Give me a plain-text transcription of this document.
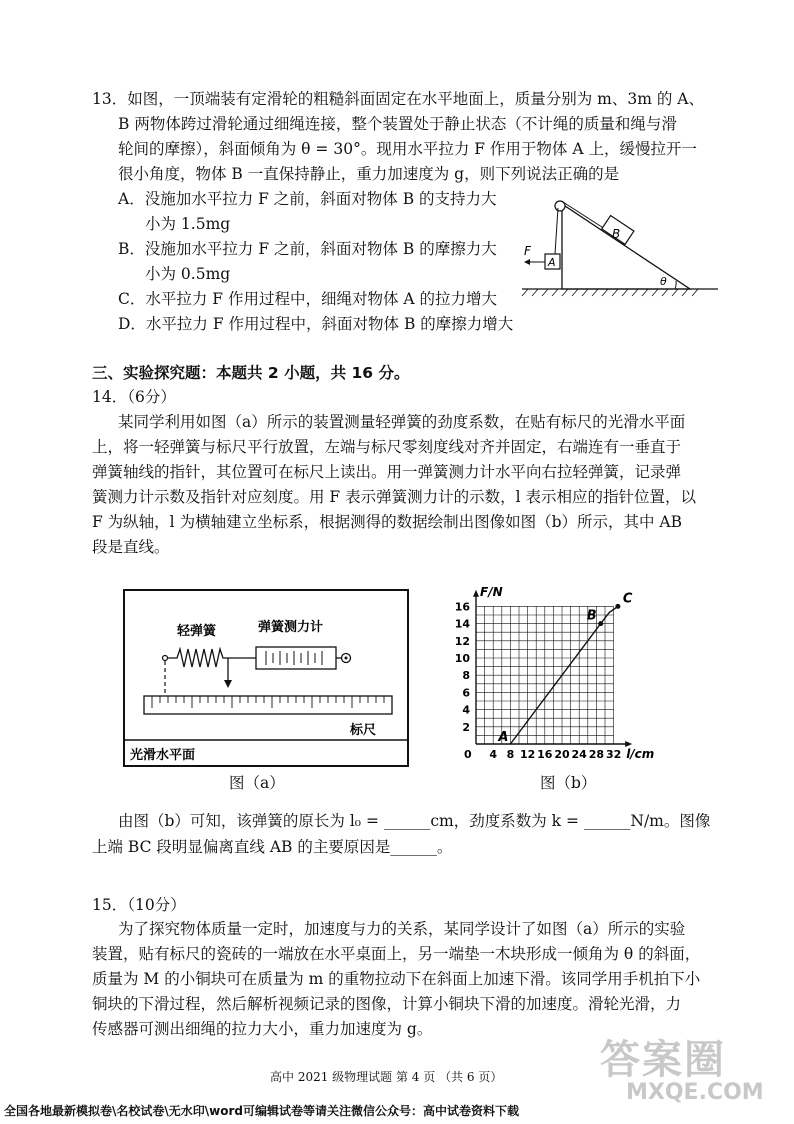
13．如图，一顶端装有定滑轮的粗糙斜面固定在水平地面上，质量分别为 m、3m 的 A、
B 两物体跨过滑轮通过细绳连接，整个装置处于静止状态（不计绳的质量和绳与滑
轮间的摩擦），斜面倾角为 θ = 30°。现用水平拉力 F 作用于物体 A 上，缓慢拉开一
很小角度，物体 B 一直保持静止，重力加速度为 g，则下列说法正确的是
A．没施加水平拉力 F 之前，斜面对物体 B 的支持力大
小为 1.5mg
B．没施加水平拉力 F 之前，斜面对物体 B 的摩擦力大
小为 0.5mg
C．水平拉力 F 作用过程中，细绳对物体 A 的拉力增大
D．水平拉力 F 作用过程中，斜面对物体 B 的摩擦力增大
B
A
F
θ
三、实验探究题：本题共 2 小题，共 16 分。
14．（6分）
某同学利用如图（a）所示的装置测量轻弹簧的劲度系数，在贴有标尺的光滑水平面
上，将一轻弹簧与标尺平行放置，左端与标尺零刻度线对齐并固定，右端连有一垂直于
弹簧轴线的指针，其位置可在标尺上读出。用一弹簧测力计水平向右拉轻弹簧，记录弹
簧测力计示数及指针对应刻度。用 F 表示弹簧测力计的示数，l 表示相应的指针位置，以
F 为纵轴，l 为横轴建立坐标系，根据测得的数据绘制出图像如图（b）所示，其中 AB
段是直线。
轻弹簧	弹簧测力计
标尺
光滑水平面
图（a）
0 4 8 12 16 20 24 28 32
2
4
6
8
10
12
14
16
F/N
l/cm
A
B
C
图（b）
由图（b）可知，该弹簧的原长为 l₀ = ______cm，劲度系数为 k = ______N/m。图像
上端 BC 段明显偏离直线 AB 的主要原因是______。
15．（10分）
为了探究物体质量一定时，加速度与力的关系，某同学设计了如图（a）所示的实验
装置，贴有标尺的瓷砖的一端放在水平桌面上，另一端垫一木块形成一倾角为 θ 的斜面，
质量为 M 的小铜块可在质量为 m 的重物拉动下在斜面上加速下滑。该同学用手机拍下小
铜块的下滑过程，然后解析视频记录的图像，计算小铜块下滑的加速度。滑轮光滑，力
传感器可测出细绳的拉力大小，重力加速度为 g。
高中 2021 级物理试题 第 4 页 （共 6 页）
全国各地最新模拟卷\名校试卷\无水印\word可编辑试卷等请关注微信公众号：高中试卷资料下载
答案圈
MXQE.COM
